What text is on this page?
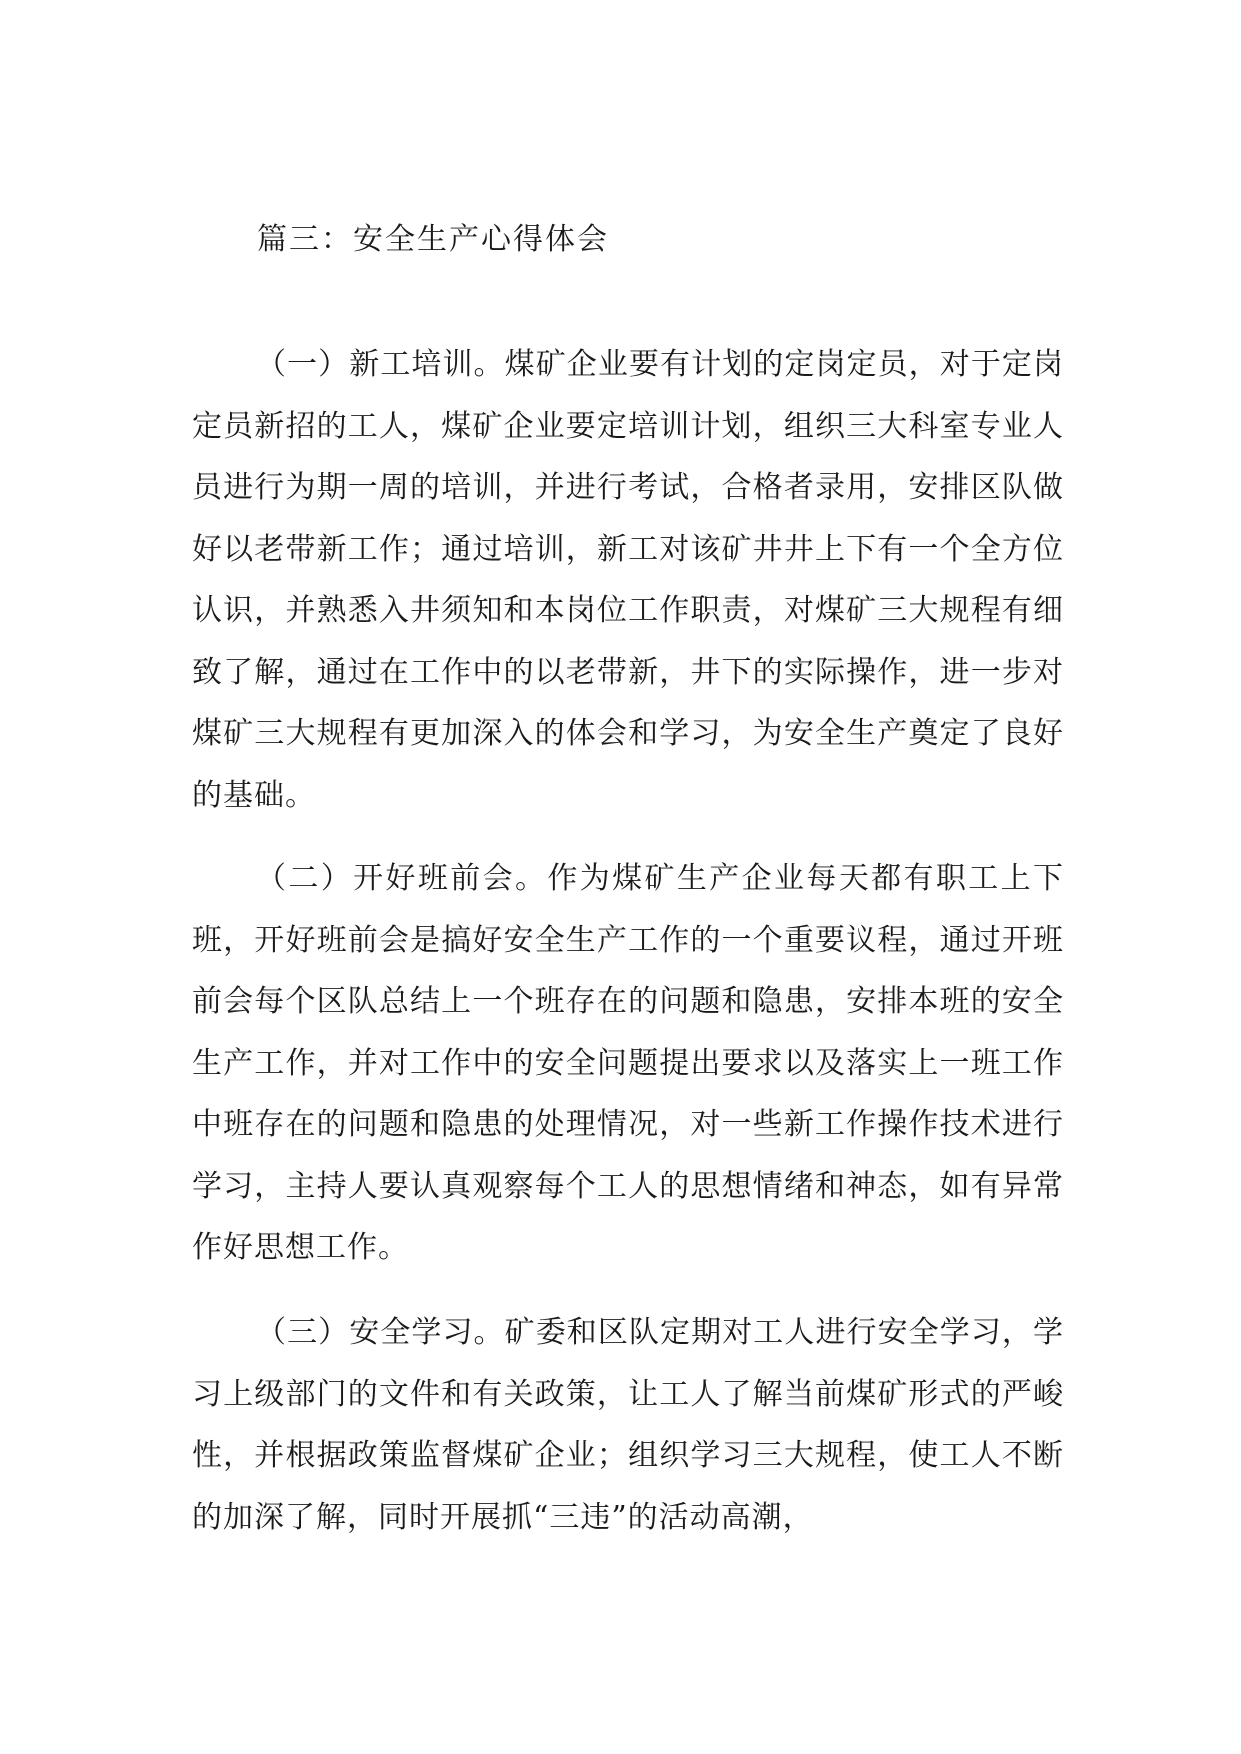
篇三：安全生产心得体会

（一）新工培训。煤矿企业要有计划的定岗定员，对于定岗定员新招的工人，煤矿企业要定培训计划，组织三大科室专业人员进行为期一周的培训，并进行考试，合格者录用，安排区队做好以老带新工作；通过培训，新工对该矿井井上下有一个全方位认识，并熟悉入井须知和本岗位工作职责，对煤矿三大规程有细致了解，通过在工作中的以老带新，井下的实际操作，进一步对煤矿三大规程有更加深入的体会和学习，为安全生产奠定了良好的基础。

（二）开好班前会。作为煤矿生产企业每天都有职工上下班，开好班前会是搞好安全生产工作的一个重要议程，通过开班前会每个区队总结上一个班存在的问题和隐患，安排本班的安全生产工作，并对工作中的安全问题提出要求以及落实上一班工作中班存在的问题和隐患的处理情况，对一些新工作操作技术进行学习，主持人要认真观察每个工人的思想情绪和神态，如有异常作好思想工作。

（三）安全学习。矿委和区队定期对工人进行安全学习，学习上级部门的文件和有关政策，让工人了解当前煤矿形式的严峻性，并根据政策监督煤矿企业；组织学习三大规程，使工人不断的加深了解，同时开展抓“三违”的活动高潮，
